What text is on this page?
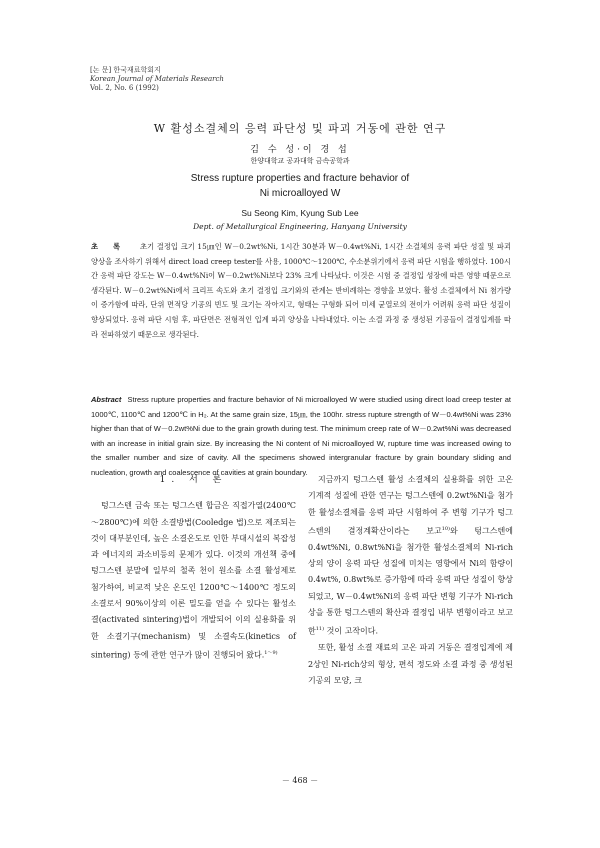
[논 문] 한국재료학회지
Korean Journal of Materials Research
Vol. 2, No. 6 (1992)
W 활성소결체의 응력 파단성 및 파괴 거동에 관한 연구
김 수 성·이 경 섭
한양대학교 공과대학 금속공학과
Stress rupture properties and fracture behavior of
Ni microalloyed W
Su Seong Kim, Kyung Sub Lee
Dept. of Metallurgical Engineering, Hanyang University
초 록 초기 결정입 크기 15㎛인 W－0.2wt%Ni, 1시간 30분과 W－0.4wt%Ni, 1시간 소결체의 응력 파단 성질 및 파괴 양상을 조사하기 위해서 direct load creep tester를 사용, 1000℃～1200℃, 수소분위기에서 응력 파단 시험을 행하였다. 100시간 응력 파단 강도는 W－0.4wt%Ni이 W－0.2wt%Ni보다 23% 크게 나타났다. 이것은 시험 중 결정입 성장에 따른 영향 때문으로 생각된다. W－0.2wt%Ni에서 크리프 속도와 초기 결정입 크기와의 관계는 반비례하는 경향을 보였다. 활성 소결체에서 Ni 첨가량이 증가함에 따라, 단위 면적당 기공의 빈도 및 크기는 작아지고, 형태는 구형화 되어 미세 균열로의 전이가 어려워 응력 파단 성질이 향상되었다. 응력 파단 시험 후, 파단면은 전형적인 입계 파괴 양상을 나타내었다. 이는 소결 과정 중 생성된 기공들이 결정입계를 따라 전파하였기 때문으로 생각된다.
Abstract Stress rupture properties and fracture behavior of Ni microalloyed W were studied using direct load creep tester at 1000℃, 1100℃ and 1200℃ in H₂. At the same grain size, 15㎛, the 100hr. stress rupture strength of W－0.4wt%Ni was 23% higher than that of W－0.2wt%Ni due to the grain growth during test. The minimum creep rate of W－0.2wt%Ni was decreased with an increase in initial grain size. By increasing the Ni content of Ni microalloyed W, rupture time was increased owing to the smaller number and size of cavity. All the specimens showed intergranular fracture by grain boundary sliding and nucleation, growth and coalescence of cavities at grain boundary.
1. 서 론

텅그스텐 금속 또는 텅그스텐 합금은 직접가열(2400℃～2800℃)에 의한 소결방법(Cooledge 법)으로 제조되는 것이 대부분인데, 높은 소결온도로 인한 부대시설의 복잡성과 에너지의 과소비등의 문제가 있다. 이것의 개선책 중에 텅그스텐 분말에 일부의 철족 천이 원소를 소결 활성제로 첨가하여, 비교적 낮은 온도인 1200℃～1400℃ 정도의 소결로서 90%이상의 이론 밀도를 얻을 수 있다는 활성소결(activated sintering)법이 개발되어 이의 실용화를 위한 소결기구(mechanism) 및 소결속도(kinetics of sintering) 등에 관한 연구가 많이 진행되어 왔다.$^{1\sim 9)}$

지금까지 텅그스텐 활성 소결체의 실용화를 위한 고온 기계적 성질에 관한 연구는 텅그스텐에 0.2wt%Ni을 첨가한 활성소결체를 응력 파단 시험하여 주 변형 기구가 텅그스텐의 결정계확산이라는 보고$^{10)}$와 텅그스텐에 0.4wt%Ni, 0.8wt%Ni을 첨가한 활성소결체의 Ni-rich상의 양이 응력 파단 성질에 미치는 영향에서 Ni의 함량이 0.4wt%, 0.8wt%로 증가함에 따라 응력 파단 성질이 향상되었고, W－0.4wt%Ni의 응력 파단 변형 기구가 Ni-rich상을 통한 텅그스텐의 확산과 결정입 내부 변형이라고 보고한$^{11)}$ 것이 고작이다.

또한, 활성 소결 재료의 고온 파괴 거동은 결정입계에 제2상인 Ni-rich상의 형상, 편석 정도와 소결 과정 중 생성된 기공의 모양, 크

－ 468 －
